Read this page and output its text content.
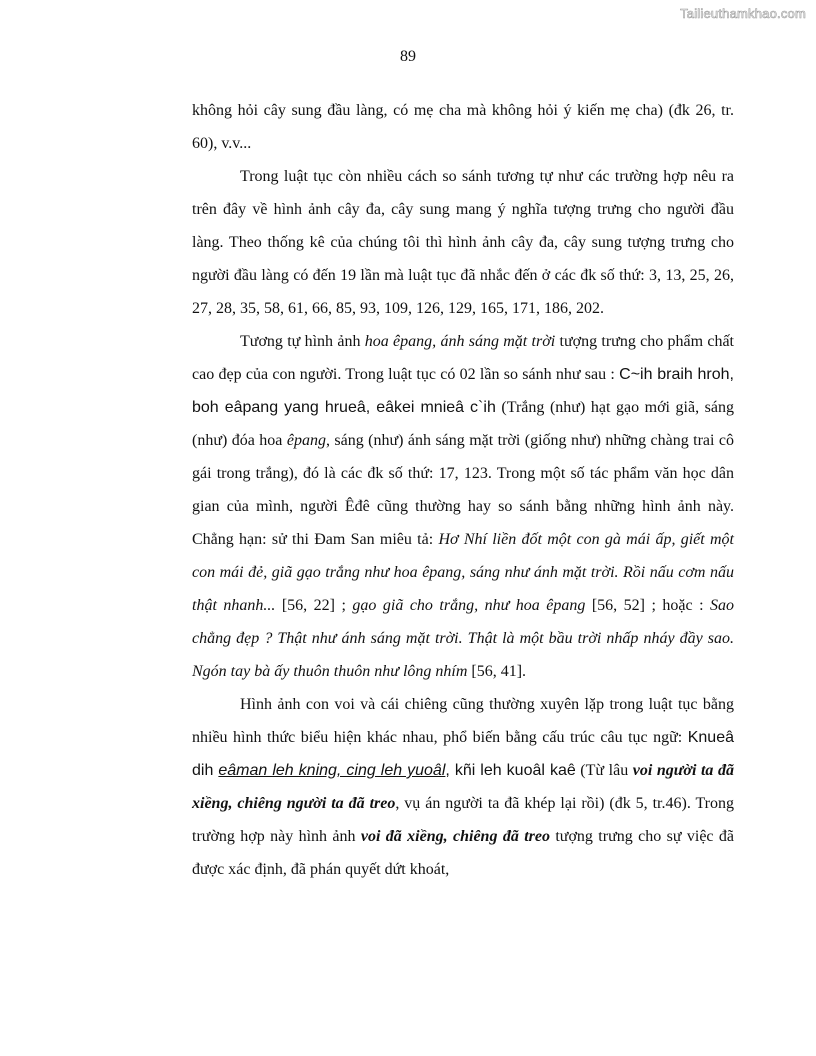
Tailieuthamkhao.com
89

không hỏi cây sung đầu làng, có mẹ cha mà không hỏi ý kiến mẹ cha) (đk 26, tr. 60), v.v...

Trong luật tục còn nhiều cách so sánh tương tự như các trường hợp nêu ra trên đây về hình ảnh cây đa, cây sung mang ý nghĩa tượng trưng cho người đầu làng. Theo thống kê của chúng tôi thì hình ảnh cây đa, cây sung tượng trưng cho người đầu làng có đến 19 lần mà luật tục đã nhắc đến ở các đk số thứ: 3, 13, 25, 26, 27, 28, 35, 58, 61, 66, 85, 93, 109, 126, 129, 165, 171, 186, 202.

Tương tự hình ảnh hoa êpang, ánh sáng mặt trời tượng trưng cho phẩm chất cao đẹp của con người. Trong luật tục có 02 lần so sánh như sau : C~ih braih hroh, boh eâpang yang hrueâ, eâkei mnieâ c`ih (Trắng (như) hạt gạo mới giã, sáng (như) đóa hoa êpang, sáng (như) ánh sáng mặt trời (giống như) những chàng trai cô gái trong trắng), đó là các đk số thứ: 17, 123. Trong một số tác phẩm văn học dân gian của mình, người Êđê cũng thường hay so sánh bằng những hình ảnh này. Chẳng hạn: sử thi Đam San miêu tả: Hơ Nhí liền đốt một con gà mái ấp, giết một con mái đẻ, giã gạo trắng như hoa êpang, sáng như ánh mặt trời. Rồi nấu cơm nấu thật nhanh... [56, 22] ; gạo giã cho trắng, như hoa êpang [56, 52] ; hoặc : Sao chẳng đẹp ? Thật như ánh sáng mặt trời. Thật là một bầu trời nhấp nháy đầy sao. Ngón tay bà ấy thuôn thuôn như lông nhím [56, 41].

Hình ảnh con voi và cái chiêng cũng thường xuyên lặp trong luật tục bằng nhiều hình thức biểu hiện khác nhau, phổ biến bằng cấu trúc câu tục ngữ: Knueâ dih eâman leh kning, cing leh yuoâl, kñi leh kuoâl kaê (Từ lâu voi người ta đã xiềng, chiêng người ta đã treo, vụ án người ta đã khép lại rồi) (đk 5, tr.46). Trong trường hợp này hình ảnh voi đã xiềng, chiêng đã treo tượng trưng cho sự việc đã được xác định, đã phán quyết dứt khoát,
